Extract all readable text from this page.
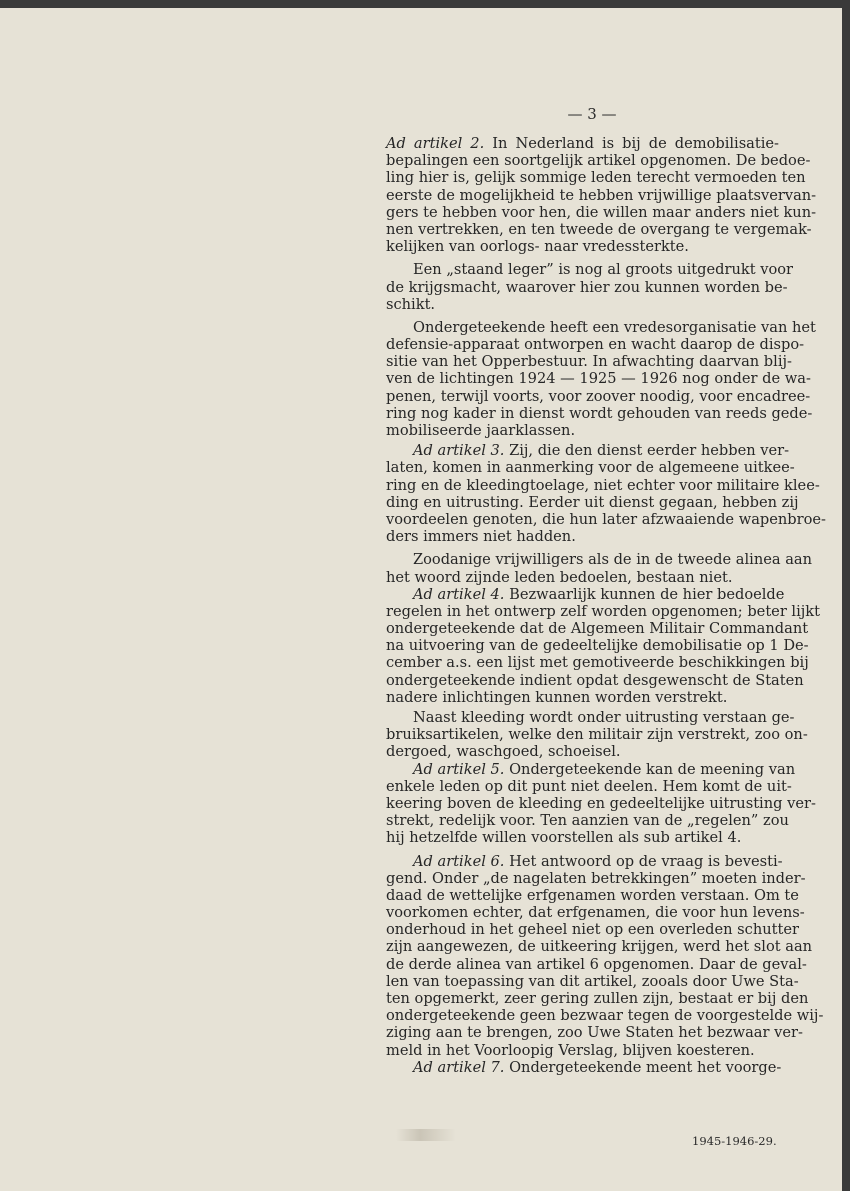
— 3 —
Ad artikel 2. In Nederland is bij de demobilisatie-
bepalingen een soortgelijk artikel opgenomen. De bedoe-
ling hier is, gelijk sommige leden terecht vermoeden ten
eerste de mogelijkheid te hebben vrijwillige plaatsvervan-
gers te hebben voor hen, die willen maar anders niet kun-
nen vertrekken, en ten tweede de overgang te vergemak-
kelijken van oorlogs- naar vredessterkte.
Een „staand leger” is nog al groots uitgedrukt voor
de krijgsmacht, waarover hier zou kunnen worden be-
schikt.
Ondergeteekende heeft een vredesorganisatie van het
defensie-apparaat ontworpen en wacht daarop de dispo-
sitie van het Opperbestuur. In afwachting daarvan blij-
ven de lichtingen 1924 — 1925 — 1926 nog onder de wa-
penen, terwijl voorts, voor zoover noodig, voor encadree-
ring nog kader in dienst wordt gehouden van reeds gede-
mobiliseerde jaarklassen.
Ad artikel 3. Zij, die den dienst eerder hebben ver-
laten, komen in aanmerking voor de algemeene uitkee-
ring en de kleedingtoelage, niet echter voor militaire klee-
ding en uitrusting. Eerder uit dienst gegaan, hebben zij
voordeelen genoten, die hun later afzwaaiende wapenbroe-
ders immers niet hadden.
Zoodanige vrijwilligers als de in de tweede alinea aan
het woord zijnde leden bedoelen, bestaan niet.
Ad artikel 4. Bezwaarlijk kunnen de hier bedoelde
regelen in het ontwerp zelf worden opgenomen; beter lijkt
ondergeteekende dat de Algemeen Militair Commandant
na uitvoering van de gedeeltelijke demobilisatie op 1 De-
cember a.s. een lijst met gemotiveerde beschikkingen bij
ondergeteekende indient opdat desgewenscht de Staten
nadere inlichtingen kunnen worden verstrekt.
Naast kleeding wordt onder uitrusting verstaan ge-
bruiksartikelen, welke den militair zijn verstrekt, zoo on-
dergoed, waschgoed, schoeisel.
Ad artikel 5. Ondergeteekende kan de meening van
enkele leden op dit punt niet deelen. Hem komt de uit-
keering boven de kleeding en gedeeltelijke uitrusting ver-
strekt, redelijk voor. Ten aanzien van de „regelen” zou
hij hetzelfde willen voorstellen als sub artikel 4.
Ad artikel 6. Het antwoord op de vraag is bevesti-
gend. Onder „de nagelaten betrekkingen” moeten inder-
daad de wettelijke erfgenamen worden verstaan. Om te
voorkomen echter, dat erfgenamen, die voor hun levens-
onderhoud in het geheel niet op een overleden schutter
zijn aangewezen, de uitkeering krijgen, werd het slot aan
de derde alinea van artikel 6 opgenomen. Daar de geval-
len van toepassing van dit artikel, zooals door Uwe Sta-
ten opgemerkt, zeer gering zullen zijn, bestaat er bij den
ondergeteekende geen bezwaar tegen de voorgestelde wij-
ziging aan te brengen, zoo Uwe Staten het bezwaar ver-
meld in het Voorloopig Verslag, blijven koesteren.
Ad artikel 7. Ondergeteekende meent het voorge-
1945-1946-29.
